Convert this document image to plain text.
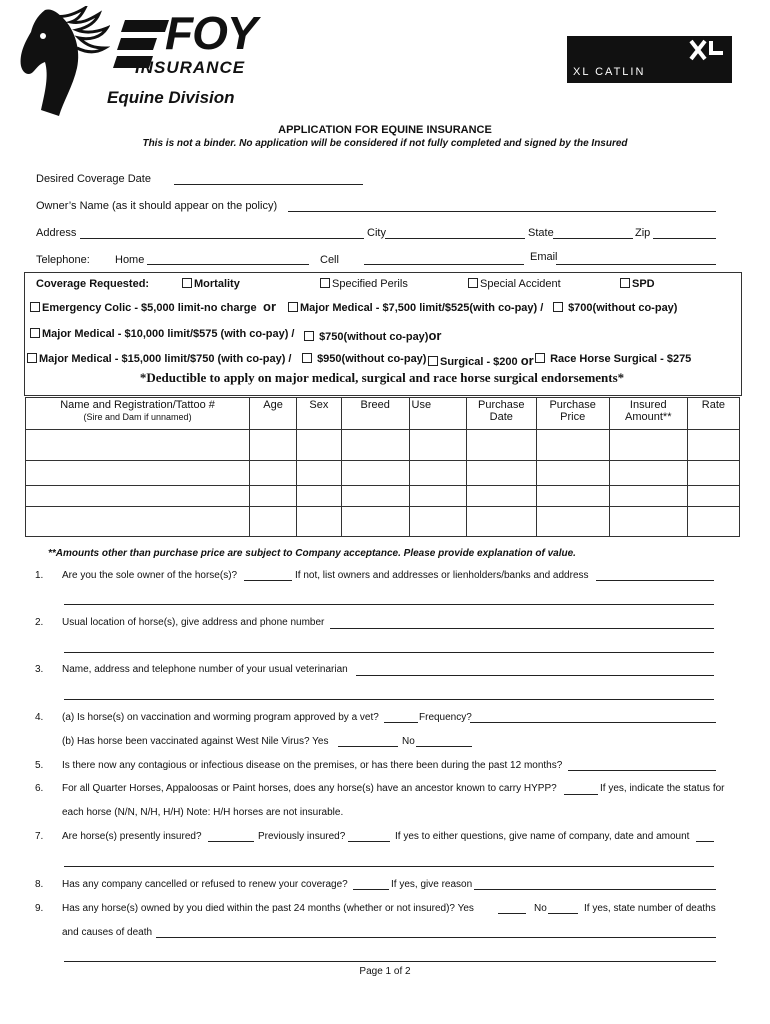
FOY
INSURANCE
Equine Division
XL CATLIN
APPLICATION FOR EQUINE INSURANCE
This is not a binder. No application will be considered if not fully completed and signed by the Insured
Desired Coverage Date
Owner’s Name (as it should appear on the policy)
Address	City	State	Zip
Telephone: Home	Cell	Email
Coverage Requested:	Mortality	Specified Perils	Special Accident	SPD
Emergency Colic - $5,000 limit-no charge or	Major Medical - $7,500 limit/$525(with co-pay) /	$700(without co-pay)
Major Medical - $10,000 limit/$575 (with co-pay) /	$750(without co-pay)or
Major Medical - $15,000 limit/$750 (with co-pay) /	$950(without co-pay)	Surgical - $200 or	Race Horse Surgical - $275
*Deductible to apply on major medical, surgical and race horse surgical endorsements*
Name and Registration/Tattoo #
(Sire and Dam if unnamed)	Age	Sex	Breed	Use	Purchase Date	Purchase Price	Insured Amount**	Rate

**Amounts other than purchase price are subject to Company acceptance. Please provide explanation of value.
1. Are you the sole owner of the horse(s)?	If not, list owners and addresses or lienholders/banks and address
2. Usual location of horse(s), give address and phone number
3. Name, address and telephone number of your usual veterinarian
4. (a) Is horse(s) on vaccination and worming program approved by a vet?	Frequency?
(b) Has horse been vaccinated against West Nile Virus? Yes	No
5. Is there now any contagious or infectious disease on the premises, or has there been during the past 12 months?
6. For all Quarter Horses, Appaloosas or Paint horses, does any horse(s) have an ancestor known to carry HYPP?	If yes, indicate the status for
each horse (N/N, N/H, H/H) Note: H/H horses are not insurable.
7. Are horse(s) presently insured?	Previously insured?	If yes to either questions, give name of company, date and amount
8. Has any company cancelled or refused to renew your coverage?	If yes, give reason
9. Has any horse(s) owned by you died within the past 24 months (whether or not insured)? Yes	No	If yes, state number of deaths
and causes of death
Page 1 of 2
